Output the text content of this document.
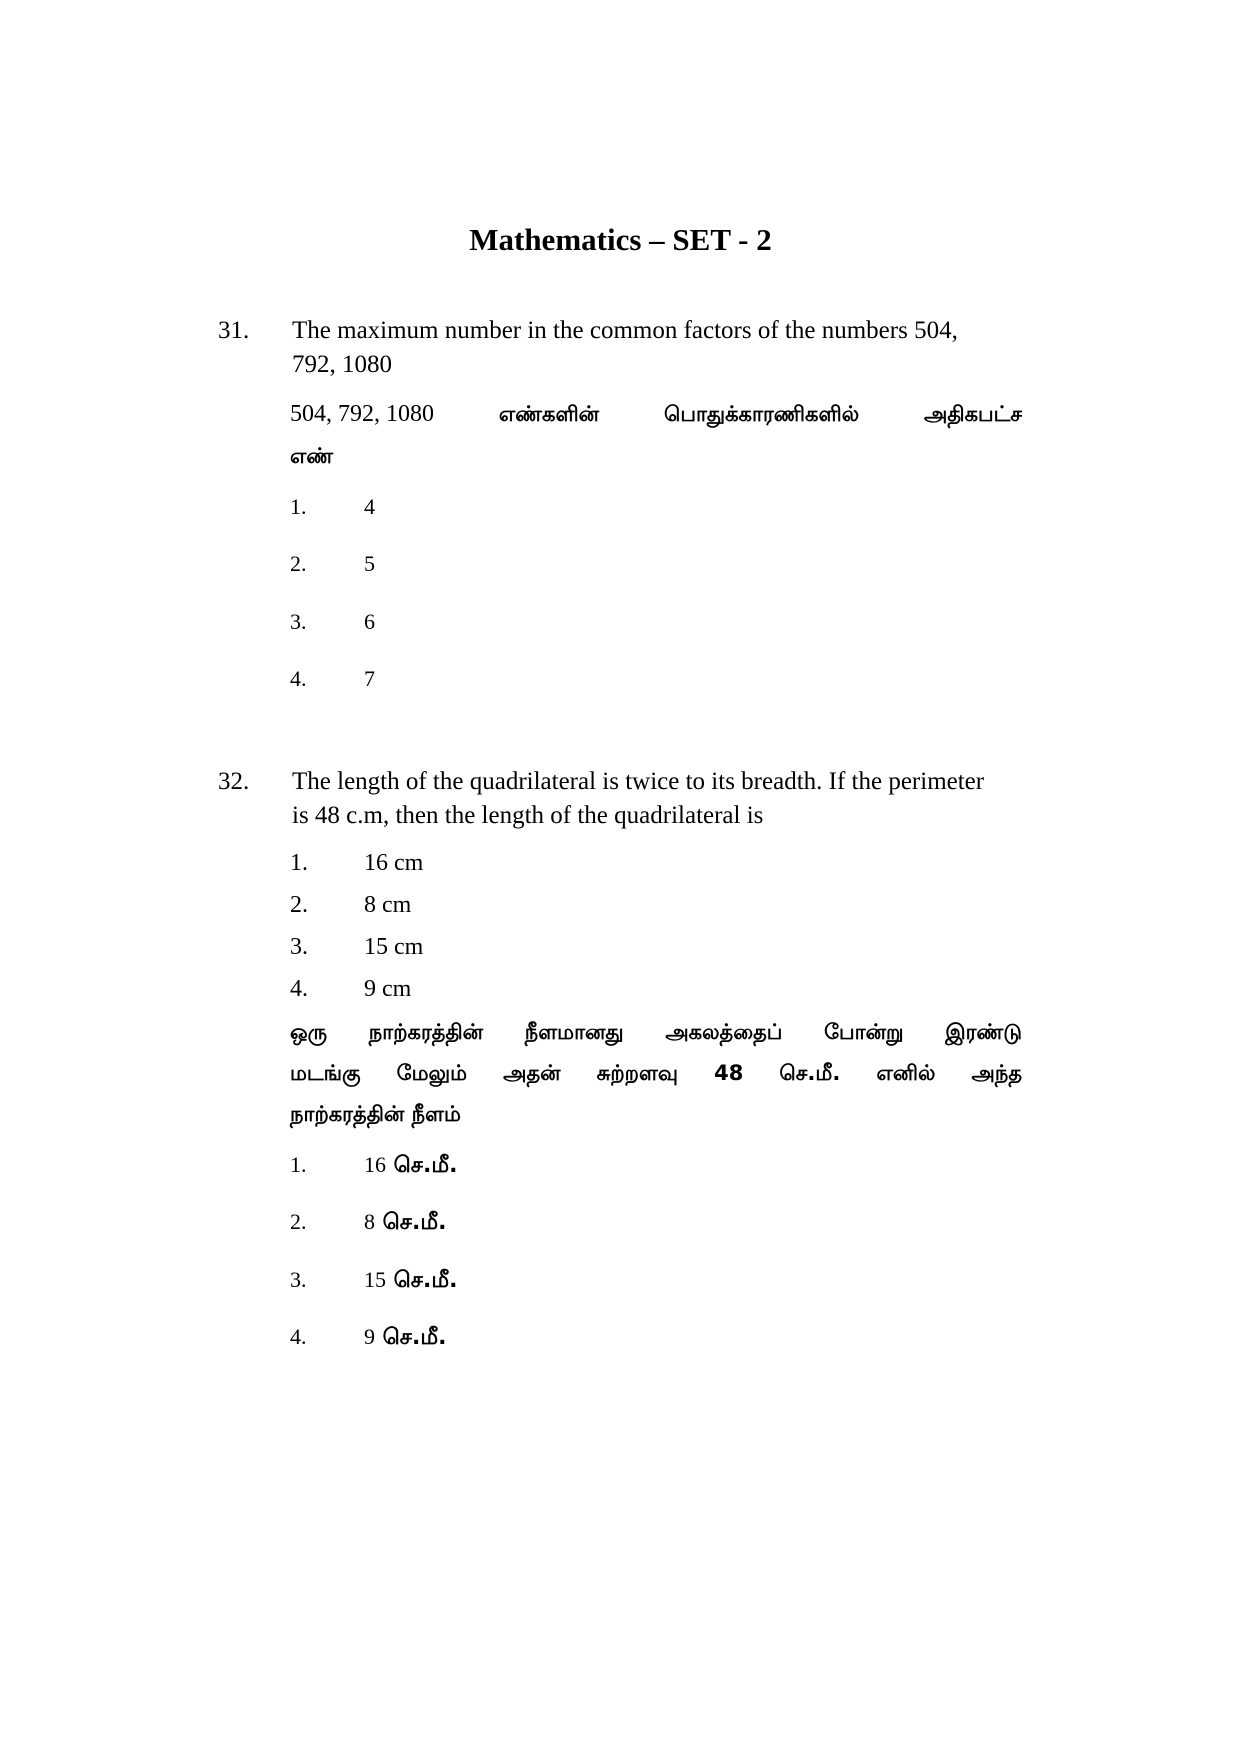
Mathematics – SET - 2
31. The maximum number in the common factors of the numbers 504,
792, 1080
504, 792, 1080	எண்களின்	பொதுக்காரணிகளில்	அதிகபட்ச
எண்
1.	4
2.	5
3.	6
4.	7
32. The length of the quadrilateral is twice to its breadth. If the perimeter
is 48 c.m, then the length of the quadrilateral is
1. 16 cm
2. 8 cm
3. 15 cm
4. 9 cm
ஒரு நாற்கரத்தின் நீளமானது அகலத்தைப் போன்று இரண்டு
மடங்கு மேலும் அதன் சுற்றளவு 48 செ.மீ. எனில் அந்த
நாற்கரத்தின் நீளம்
1.	16 செ.மீ.
2.	8 செ.மீ.
3.	15 செ.மீ.
4.	9 செ.மீ.
